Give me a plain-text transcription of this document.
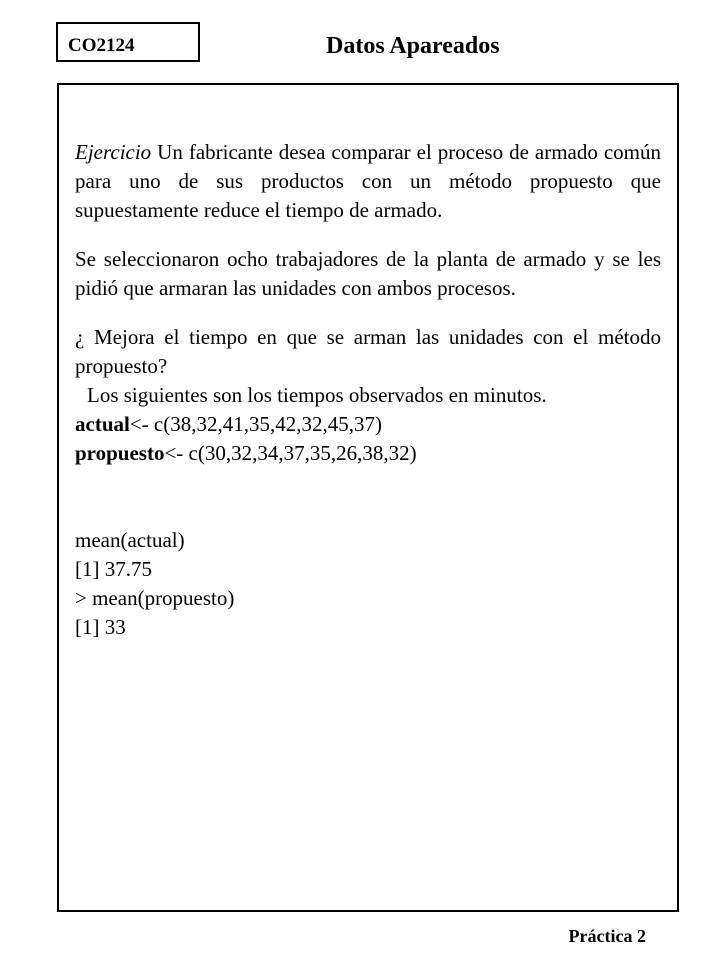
CO2124	Datos Apareados

Ejercicio Un fabricante desea comparar el proceso de armado común para uno de sus productos con un método propuesto que supuestamente reduce el tiempo de armado.

Se seleccionaron ocho trabajadores de la planta de armado y se les pidió que armaran las unidades con ambos procesos.

¿ Mejora el tiempo en que se arman las unidades con el método propuesto?

Los siguientes son los tiempos observados en minutos.

actual<- c(38,32,41,35,42,32,45,37)

propuesto<- c(30,32,34,37,35,26,38,32)

mean(actual)

[1] 37.75

> mean(propuesto)

[1] 33

Práctica 2
